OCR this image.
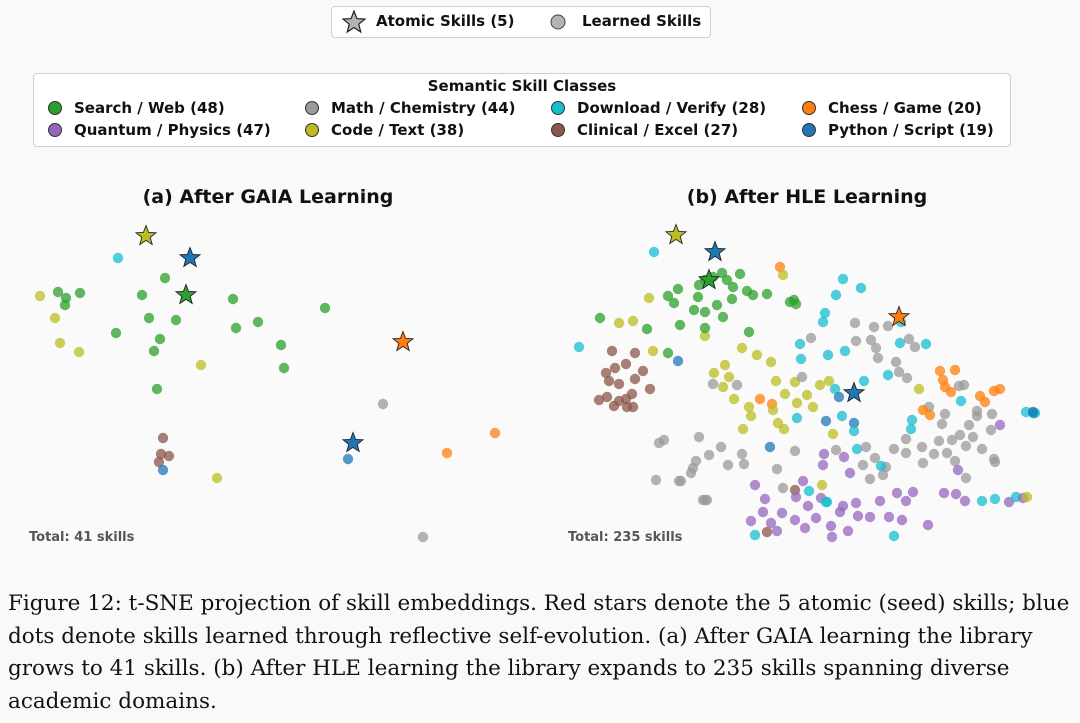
Atomic Skills (5)	Learned Skills
Semantic Skill Classes
Search / Web (48)	Math / Chemistry (44)	Download / Verify (28)	Chess / Game (20)
Quantum / Physics (47)	Code / Text (38)	Clinical / Excel (27)	Python / Script (19)
(a) After GAIA Learning	(b) After HLE Learning
Total: 41 skills	Total: 235 skills
Figure 12: t-SNE projection of skill embeddings. Red stars denote the 5 atomic (seed) skills; blue dots denote skills learned through reflective self-evolution. (a) After GAIA learning the library grows to 41 skills. (b) After HLE learning the library expands to 235 skills spanning diverse academic domains.
